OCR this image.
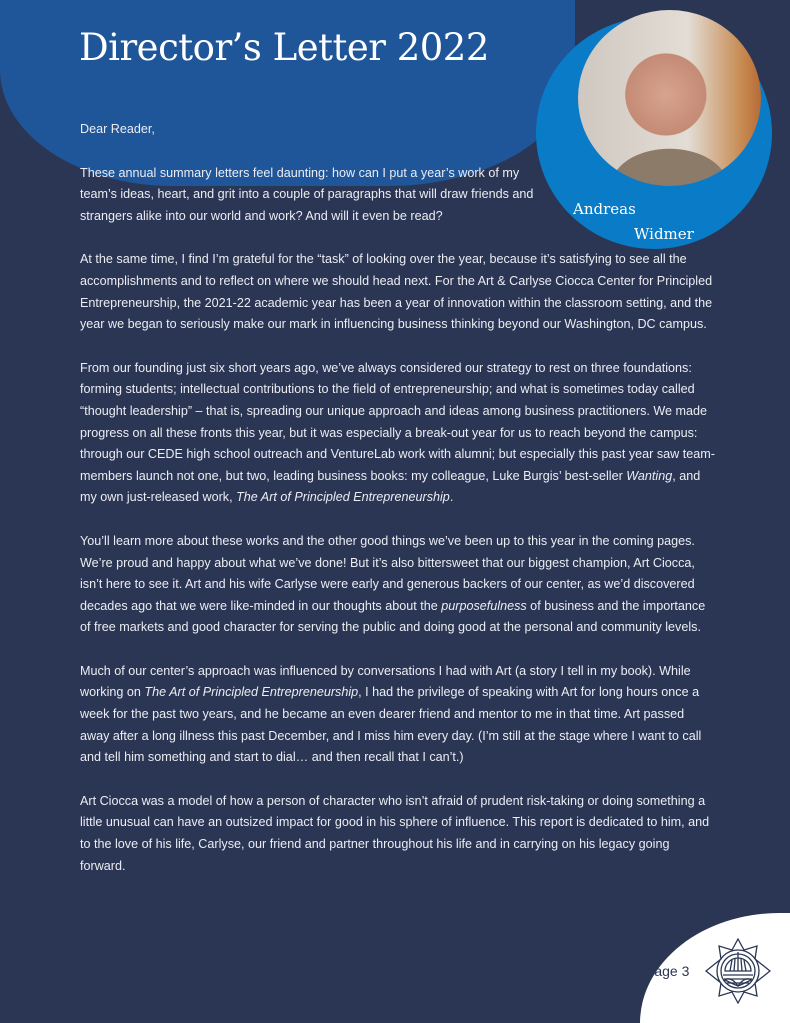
Director’s Letter 2022
Andreas
Widmer

Dear Reader,

These annual summary letters feel daunting: how can I put a year’s work of my team’s ideas, heart, and grit into a couple of paragraphs that will draw friends and strangers alike into our world and work? And will it even be read?

At the same time, I find I’m grateful for the “task” of looking over the year, because it’s satisfying to see all the accomplishments and to reflect on where we should head next. For the Art & Carlyse Ciocca Center for Principled Entrepreneurship, the 2021-22 academic year has been a year of innovation within the classroom setting, and the year we began to seriously make our mark in influencing business thinking beyond our Washington, DC campus.

From our founding just six short years ago, we’ve always considered our strategy to rest on three foundations: forming students; intellectual contributions to the field of entrepreneurship; and what is sometimes today called “thought leadership” – that is, spreading our unique approach and ideas among business practitioners. We made progress on all these fronts this year, but it was especially a break-out year for us to reach beyond the campus: through our CEDE high school outreach and VentureLab work with alumni; but especially this past year saw team-members launch not one, but two, leading business books: my colleague, Luke Burgis’ best-seller Wanting, and my own just-released work, The Art of Principled Entrepreneurship.

You’ll learn more about these works and the other good things we’ve been up to this year in the coming pages. We’re proud and happy about what we’ve done! But it’s also bittersweet that our biggest champion, Art Ciocca, isn’t here to see it. Art and his wife Carlyse were early and generous backers of our center, as we’d discovered decades ago that we were like-minded in our thoughts about the purposefulness of business and the importance of free markets and good character for serving the public and doing good at the personal and community levels.

Much of our center’s approach was influenced by conversations I had with Art (a story I tell in my book). While working on The Art of Principled Entrepreneurship, I had the privilege of speaking with Art for long hours once a week for the past two years, and he became an even dearer friend and mentor to me in that time. Art passed away after a long illness this past December, and I miss him every day. (I’m still at the stage where I want to call and tell him something and start to dial… and then recall that I can’t.)

Art Ciocca was a model of how a person of character who isn’t afraid of prudent risk-taking or doing something a little unusual can have an outsized impact for good in his sphere of influence. This report is dedicated to him, and to the love of his life, Carlyse, our friend and partner throughout his life and in carrying on his legacy going forward.

Page 3
